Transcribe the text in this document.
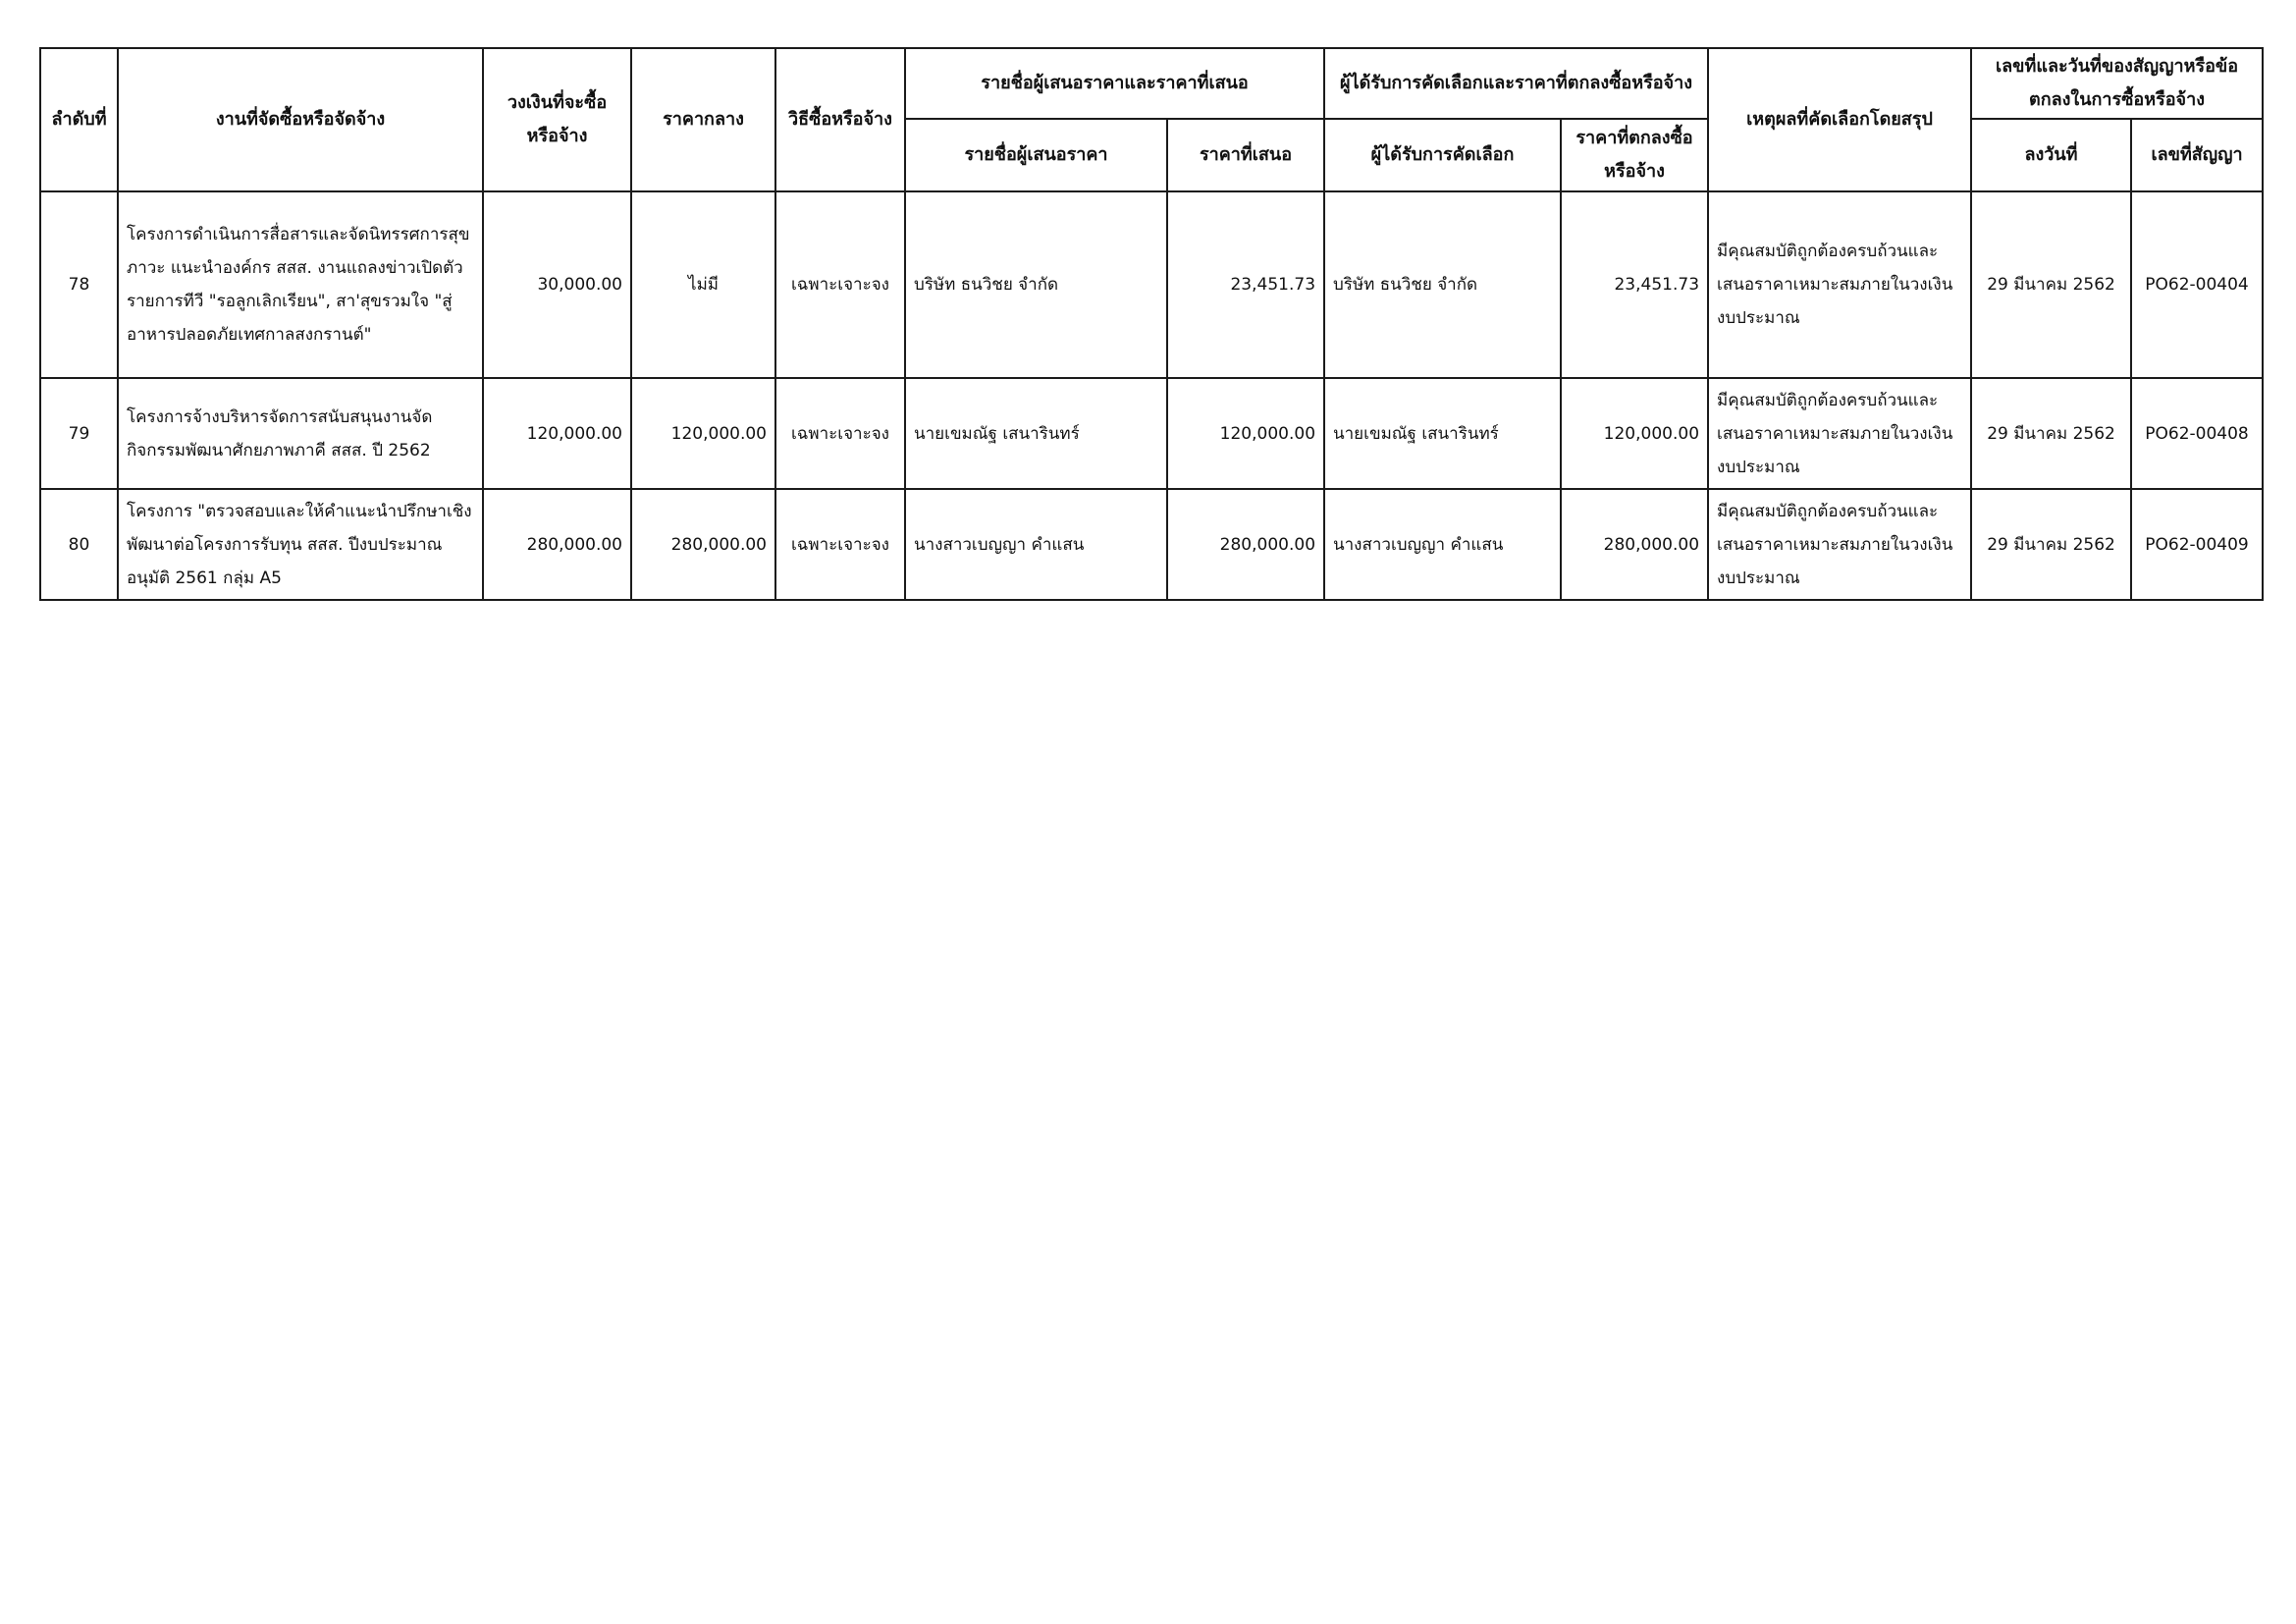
ลำดับที่	งานที่จัดซื้อหรือจัดจ้าง	วงเงินที่จะซื้อหรือจ้าง	ราคากลาง	วิธีซื้อหรือจ้าง	รายชื่อผู้เสนอราคาและราคาที่เสนอ		ผู้ได้รับการคัดเลือกและราคาที่ตกลงซื้อหรือจ้าง		เหตุผลที่คัดเลือกโดยสรุป	เลขที่และวันที่ของสัญญาหรือข้อตกลงในการซื้อหรือจ้าง	
					รายชื่อผู้เสนอราคา	ราคาที่เสนอ	ผู้ได้รับการคัดเลือก	ราคาที่ตกลงซื้อหรือจ้าง		ลงวันที่	เลขที่สัญญา
78	โครงการดำเนินการสื่อสารและจัดนิทรรศการสุขภาวะ แนะนำองค์กร สสส. งานแถลงข่าวเปิดตัวรายการทีวี "รอลูกเลิกเรียน", สา'สุขรวมใจ "สู่อาหารปลอดภัยเทศกาลสงกรานต์"	30,000.00	ไม่มี	เฉพาะเจาะจง	บริษัท ธนวิชย จำกัด	23,451.73	บริษัท ธนวิชย จำกัด	23,451.73	มีคุณสมบัติถูกต้องครบถ้วนและเสนอราคาเหมาะสมภายในวงเงินงบประมาณ	29 มีนาคม 2562	PO62-00404
79	โครงการจ้างบริหารจัดการสนับสนุนงานจัดกิจกรรมพัฒนาศักยภาพภาคี สสส. ปี 2562	120,000.00	120,000.00	เฉพาะเจาะจง	นายเขมณัฐ เสนารินทร์	120,000.00	นายเขมณัฐ เสนารินทร์	120,000.00	มีคุณสมบัติถูกต้องครบถ้วนและเสนอราคาเหมาะสมภายในวงเงินงบประมาณ	29 มีนาคม 2562	PO62-00408
80	โครงการ "ตรวจสอบและให้คำแนะนำปรึกษาเชิงพัฒนาต่อโครงการรับทุน สสส. ปีงบประมาณอนุมัติ 2561 กลุ่ม A5	280,000.00	280,000.00	เฉพาะเจาะจง	นางสาวเบญญา คำแสน	280,000.00	นางสาวเบญญา คำแสน	280,000.00	มีคุณสมบัติถูกต้องครบถ้วนและเสนอราคาเหมาะสมภายในวงเงินงบประมาณ	29 มีนาคม 2562	PO62-00409
